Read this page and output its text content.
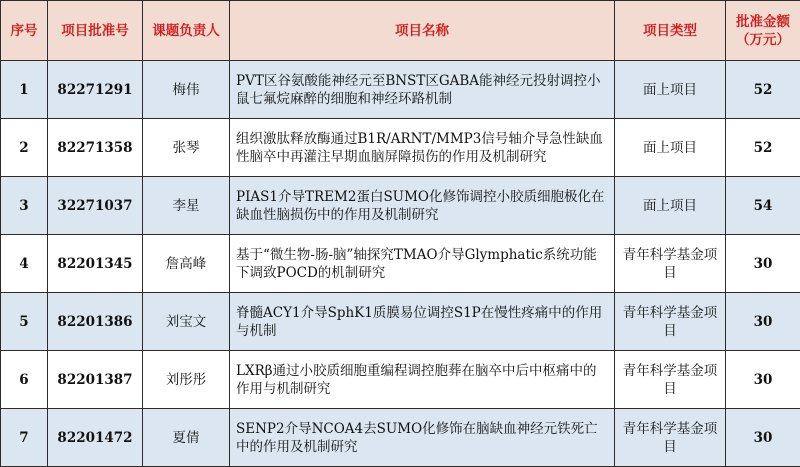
序号	项目批准号	课题负责人	项目名称	项目类型	批准金额（万元）
1	82271291	梅伟	PVT区谷氨酸能神经元至BNST区GABA能神经元投射调控小鼠七氟烷麻醉的细胞和神经环路机制	面上项目	52
2	82271358	张琴	组织激肽释放酶通过B1R/ARNT/MMP3信号轴介导急性缺血性脑卒中再灌注早期血脑屏障损伤的作用及机制研究	面上项目	52
3	32271037	李星	PIAS1介导TREM2蛋白SUMO化修饰调控小胶质细胞极化在缺血性脑损伤中的作用及机制研究	面上项目	54
4	82201345	詹高峰	基于“微生物-肠-脑”轴探究TMAO介导Glymphatic系统功能下调致POCD的机制研究	青年科学基金项目	30
5	82201386	刘宝文	脊髓ACY1介导SphK1质膜易位调控S1P在慢性疼痛中的作用与机制	青年科学基金项目	30
6	82201387	刘彤彤	LXRβ通过小胶质细胞重编程调控胞葬在脑卒中后中枢痛中的作用与机制研究	青年科学基金项目	30
7	82201472	夏倩	SENP2介导NCOA4去SUMO化修饰在脑缺血神经元铁死亡中的作用及机制研究	青年科学基金项目	30
